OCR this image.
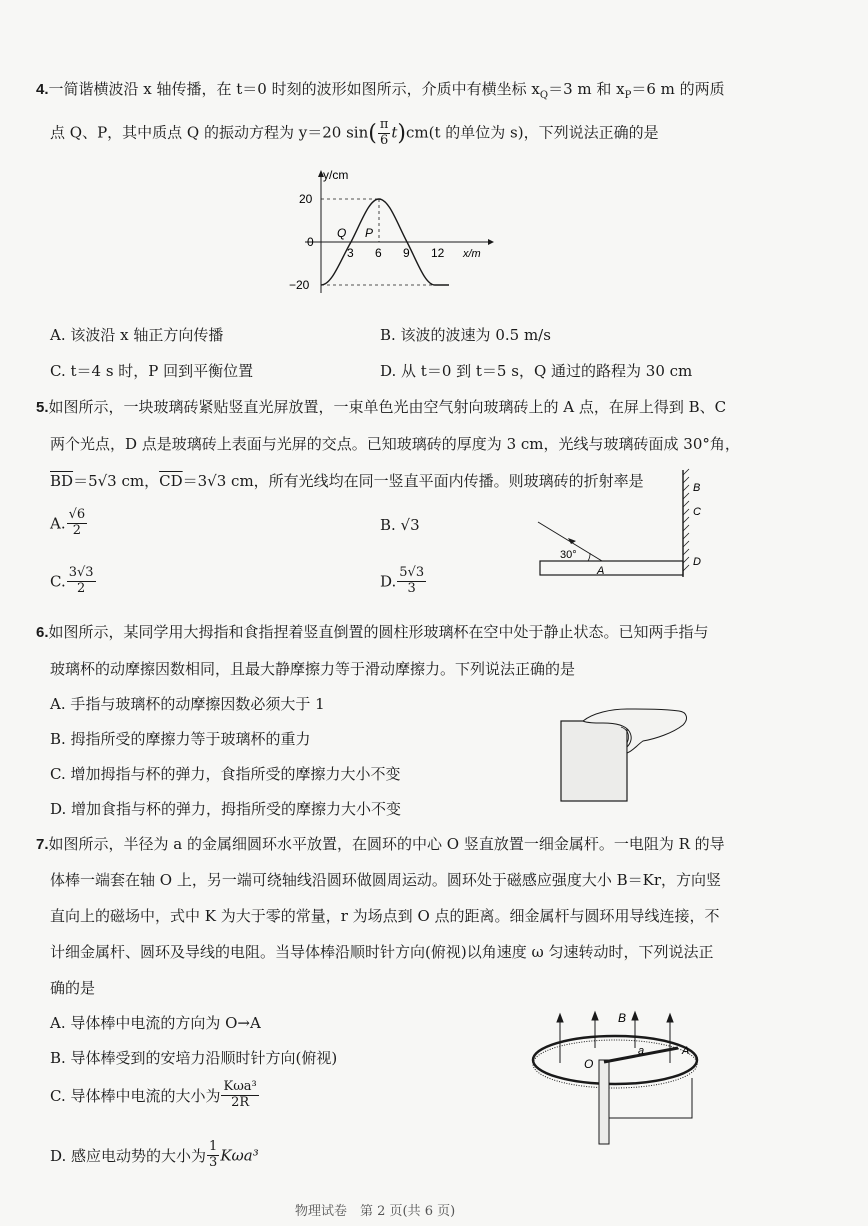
4.一简谐横波沿 x 轴传播，在 t＝0 时刻的波形如图所示，介质中有横坐标 $x_Q=3$ m 和 $x_P=6$ m 的两质
点 Q、P，其中质点 Q 的振动方程为 y＝20 $\sin( \frac{\pi}{6} t)cm(t$ 的单位为 s)，下列说法正确的是
20
0
−20
3 6 9 12
y/cm
x/m
Q P
A. 该波沿 x 轴正方向传播	B. 该波的波速为 0.5 m/s
C. t＝4 s 时，P 回到平衡位置	D. 从 t＝0 到 t＝5 s，Q 通过的路程为 30 cm
5.如图所示，一块玻璃砖紧贴竖直光屏放置，一束单色光由空气射向玻璃砖上的 A 点，在屏上得到 B、C
两个光点，D 点是玻璃砖上表面与光屏的交点。已知玻璃砖的厚度为 3 cm，光线与玻璃砖面成 30°角，
$\overline{BD}=5√3$ cm，$\overline{CD}=3√3$ cm，所有光线均在同一竖直平面内传播。则玻璃砖的折射率是
A. $\frac{√6}{2}$	B. √3
C. $\frac{3√3}{2}$	D. $\frac{5√3}{3}$
30°
A
B
C
D
6.如图所示，某同学用大拇指和食指捏着竖直倒置的圆柱形玻璃杯在空中处于静止状态。已知两手指与
玻璃杯的动摩擦因数相同，且最大静摩擦力等于滑动摩擦力。下列说法正确的是
A. 手指与玻璃杯的动摩擦因数必须大于 1
B. 拇指所受的摩擦力等于玻璃杯的重力
C. 增加拇指与杯的弹力，食指所受的摩擦力大小不变
D. 增加食指与杯的弹力，拇指所受的摩擦力大小不变
7.如图所示，半径为 a 的金属细圆环水平放置，在圆环的中心 O 竖直放置一细金属杆。一电阻为 R 的导
体棒一端套在轴 O 上，另一端可绕轴线沿圆环做圆周运动。圆环处于磁感应强度大小 B＝Kr，方向竖
直向上的磁场中，式中 K 为大于零的常量，r 为场点到 O 点的距离。细金属杆与圆环用导线连接，不
计细金属杆、圆环及导线的电阻。当导体棒沿顺时针方向(俯视)以角速度 ω 匀速转动时，下列说法正
确的是
A. 导体棒中电流的方向为 O→A
B. 导体棒受到的安培力沿顺时针方向(俯视)
C. 导体棒中电流的大小为 $\frac{\text{Kωa³}}{2R}$
D. 感应电动势的大小为 $\frac{1}{3} K\omega a^3$
B
O
a	A
物理试卷　第 2 页(共 6 页)
